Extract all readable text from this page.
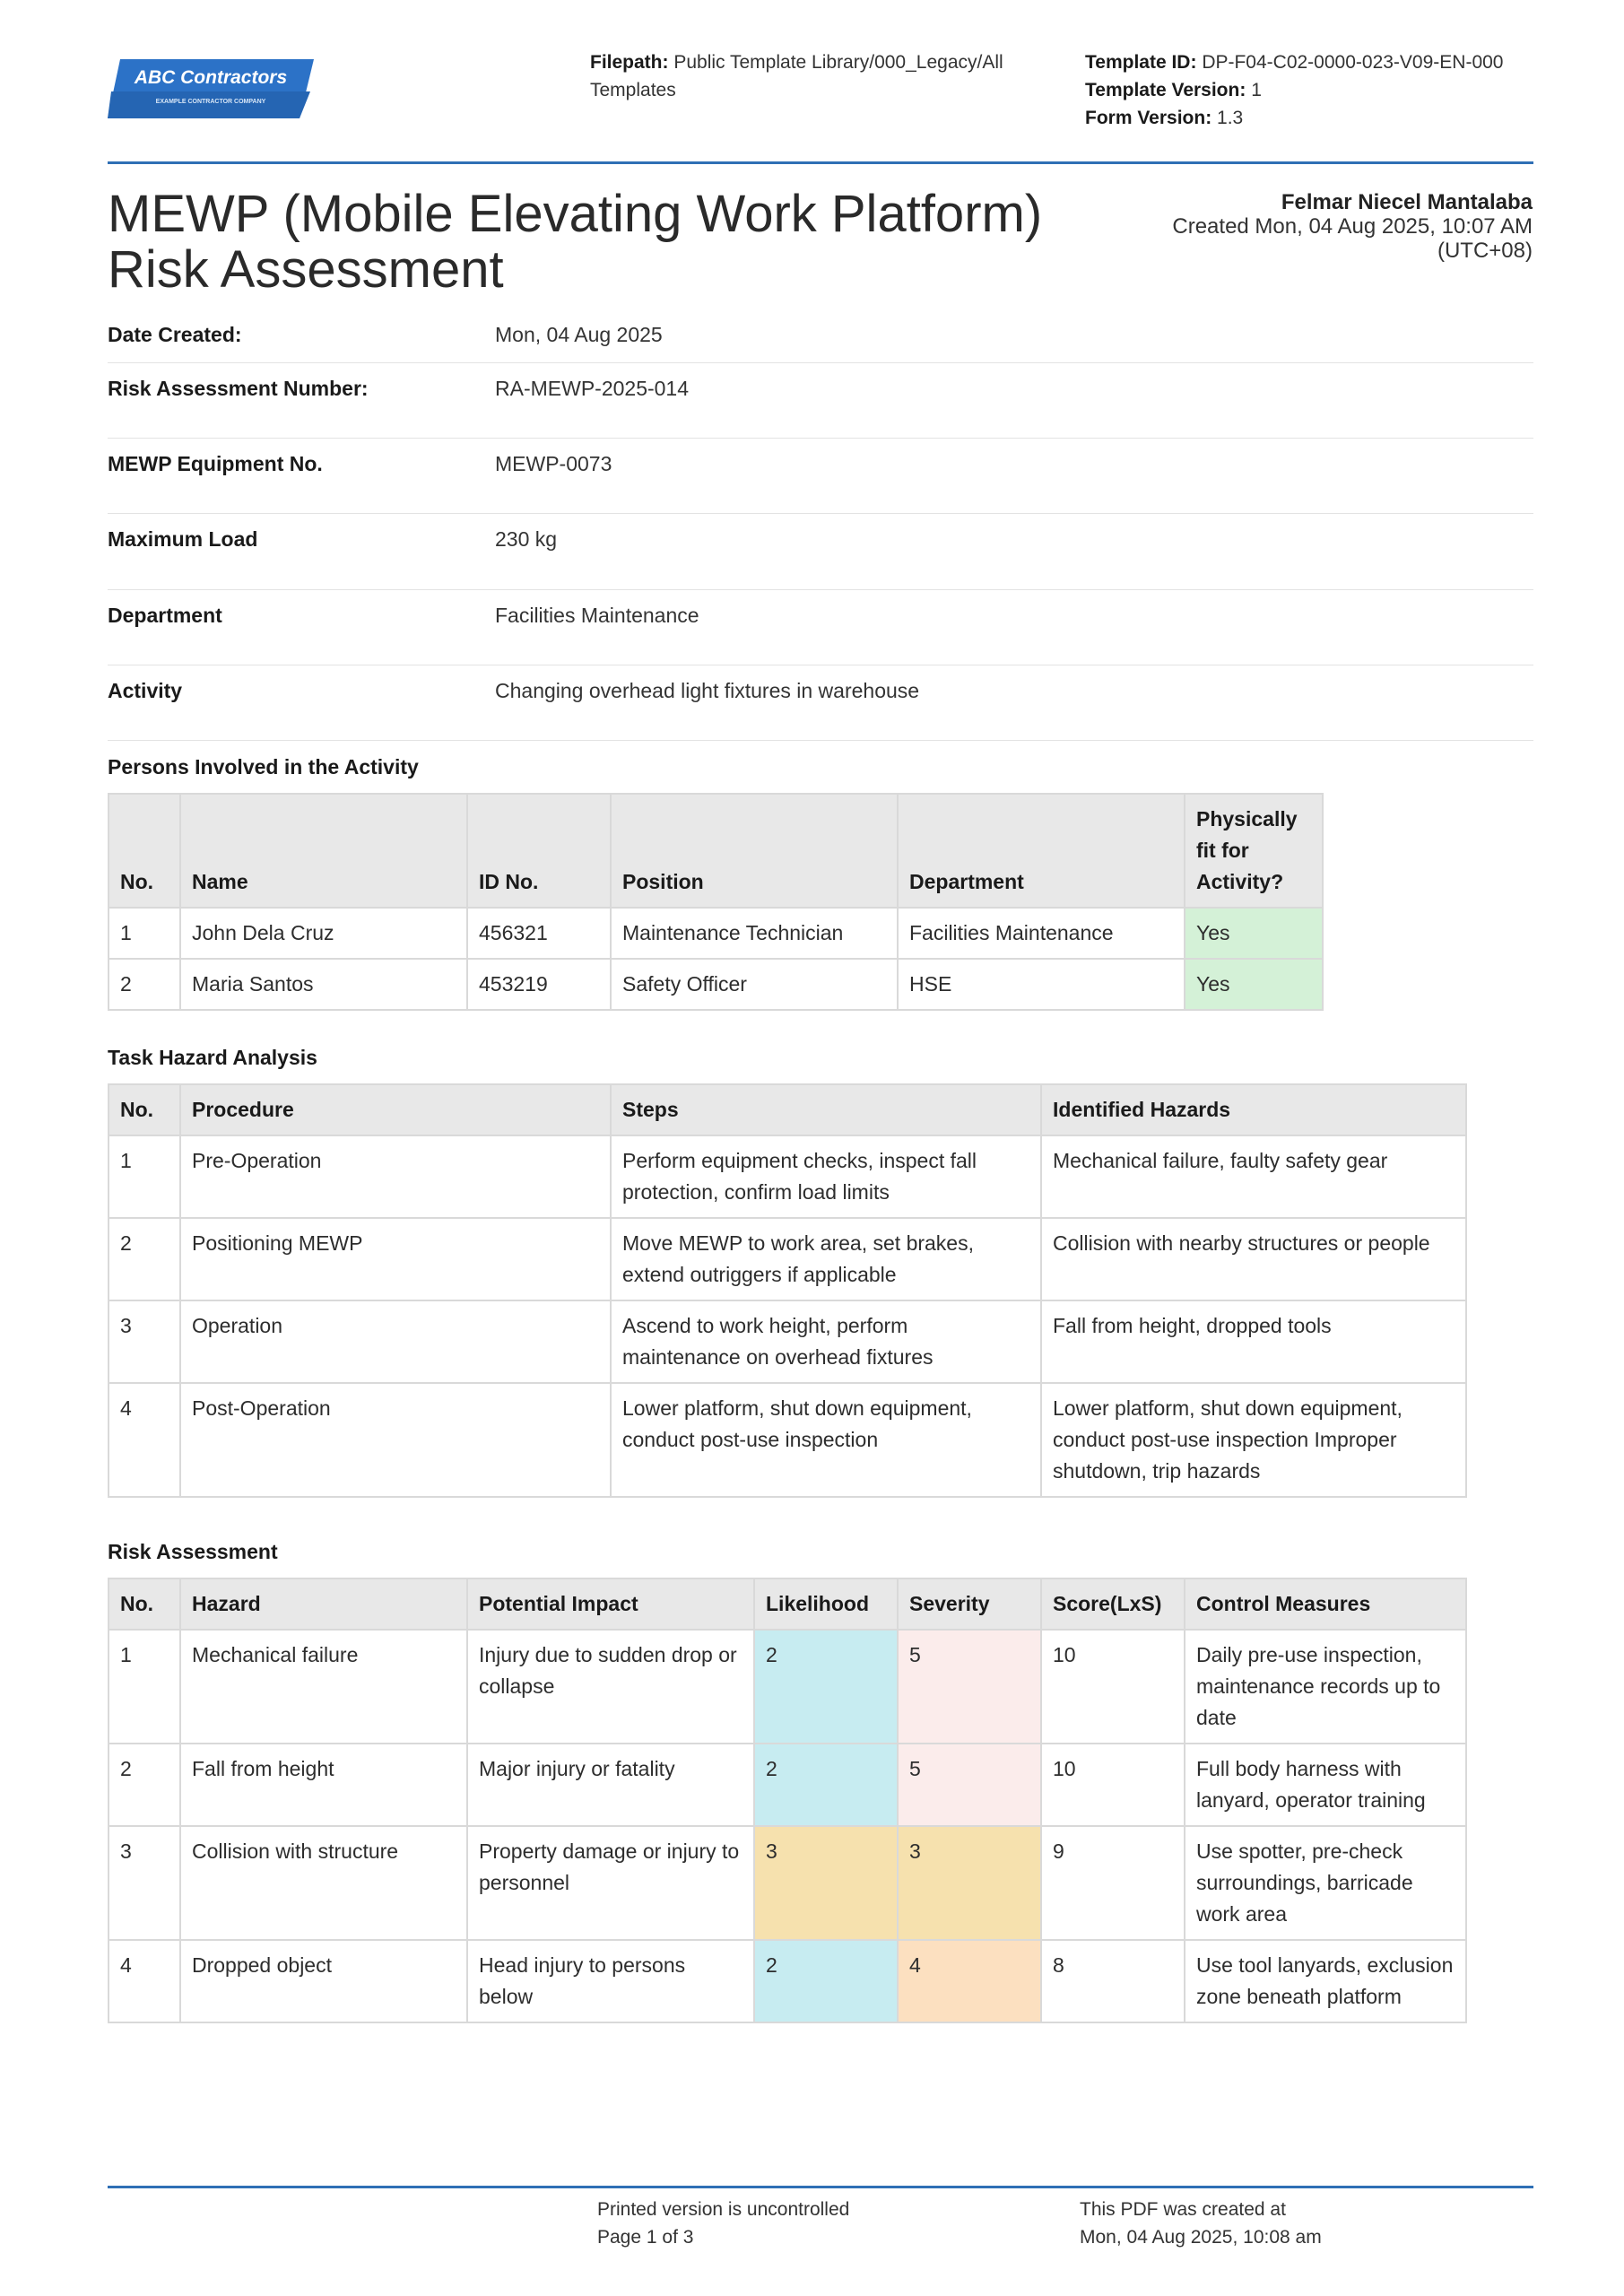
ABC Contractors
EXAMPLE CONTRACTOR COMPANY
Filepath: Public Template Library/000_Legacy/All Templates
Template ID: DP-F04-C02-0000-023-V09-EN-000
Template Version: 1
Form Version: 1.3
MEWP (Mobile Elevating Work Platform)
Risk Assessment
Felmar Niecel Mantalaba
Created Mon, 04 Aug 2025, 10:07 AM
(UTC+08)
Date Created:	Mon, 04 Aug 2025
Risk Assessment Number:	RA-MEWP-2025-014
MEWP Equipment No.	MEWP-0073
Maximum Load	230 kg
Department	Facilities Maintenance
Activity	Changing overhead light fixtures in warehouse
Persons Involved in the Activity
No.	Name	ID No.	Position	Department	Physically fit for Activity?
1	John Dela Cruz	456321	Maintenance Technician	Facilities Maintenance	Yes
2	Maria Santos	453219	Safety Officer	HSE	Yes
Task Hazard Analysis
No.	Procedure	Steps	Identified Hazards
1	Pre-Operation	Perform equipment checks, inspect fall protection, confirm load limits	Mechanical failure, faulty safety gear
2	Positioning MEWP	Move MEWP to work area, set brakes, extend outriggers if applicable	Collision with nearby structures or people
3	Operation	Ascend to work height, perform maintenance on overhead fixtures	Fall from height, dropped tools
4	Post-Operation	Lower platform, shut down equipment, conduct post-use inspection	Lower platform, shut down equipment, conduct post-use inspection Improper shutdown, trip hazards
Risk Assessment
No.	Hazard	Potential Impact	Likelihood	Severity	Score(LxS)	Control Measures
1	Mechanical failure	Injury due to sudden drop or collapse	2	5	10	Daily pre-use inspection, maintenance records up to date
2	Fall from height	Major injury or fatality	2	5	10	Full body harness with lanyard, operator training
3	Collision with structure	Property damage or injury to personnel	3	3	9	Use spotter, pre-check surroundings, barricade work area
4	Dropped object	Head injury to persons below	2	4	8	Use tool lanyards, exclusion zone beneath platform
Printed version is uncontrolled
Page 1 of 3
This PDF was created at
Mon, 04 Aug 2025, 10:08 am
